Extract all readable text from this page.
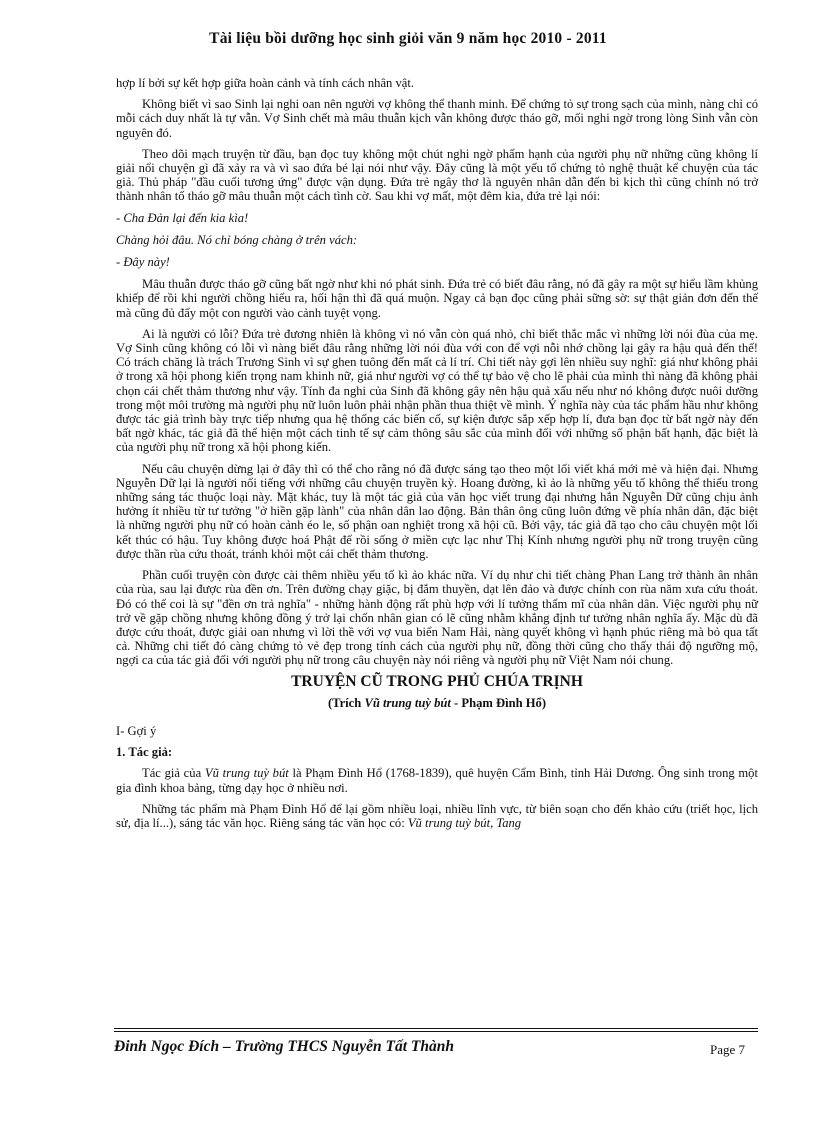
Tài liệu bồi dưỡng học sinh giỏi văn 9 năm học 2010 - 2011

hợp lí bởi sự kết hợp giữa hoàn cảnh và tính cách nhân vật.

Không biết vì sao Sinh lại nghi oan nên người vợ không thể thanh minh. Để chứng tỏ sự trong sạch của mình, nàng chỉ có mỗi cách duy nhất là tự vẫn. Vợ Sinh chết mà mâu thuẫn kịch vẫn không được tháo gỡ, mối nghi ngờ trong lòng Sinh vẫn còn nguyên đó.

Theo dõi mạch truyện từ đầu, bạn đọc tuy không một chút nghi ngờ phẩm hạnh của người phụ nữ những cũng không lí giải nổi chuyện gì đã xảy ra và vì sao đứa bé lại nói như vậy. Đây cũng là một yếu tố chứng tỏ nghệ thuật kể chuyện của tác giả. Thủ pháp "đầu cuối tương ứng" được vận dụng. Đứa trẻ ngây thơ là nguyên nhân dẫn đến bi kịch thì cũng chính nó trở thành nhân tố tháo gỡ mâu thuẫn một cách tình cờ. Sau khi vợ mất, một đêm kia, đứa trẻ lại nói:

- Cha Đản lại đến kia kìa!

Chàng hỏi đâu. Nó chỉ bóng chàng ở trên vách:

- Đây này!

Mâu thuẫn được tháo gỡ cũng bất ngờ như khi nó phát sinh. Đứa trẻ có biết đâu rằng, nó đã gây ra một sự hiểu lầm khủng khiếp để rồi khi người chồng hiểu ra, hối hận thì đã quá muộn. Ngay cả bạn đọc cũng phải sững sờ: sự thật giản đơn đến thế mà cũng đủ đẩy một con người vào cảnh tuyệt vọng.

Ai là người có lỗi? Đứa trẻ đương nhiên là không vì nó vẫn còn quá nhỏ, chỉ biết thắc mắc vì những lời nói đùa của mẹ. Vợ Sinh cũng không có lỗi vì nàng biết đâu rằng những lời nói đùa với con để vợi nỗi nhớ chồng lại gây ra hậu quả đến thế! Có trách chăng là trách Trương Sinh vì sự ghen tuông đến mất cả lí trí. Chi tiết này gợi lên nhiều suy nghĩ: giá như không phải ở trong xã hội phong kiến trọng nam khinh nữ, giá như người vợ có thể tự bảo vệ cho lẽ phải của mình thì nàng đã không phải chọn cái chết thảm thương như vậy. Tính đa nghi của Sinh đã không gây nên hậu quả xấu nếu như nó không được nuôi dưỡng trong một môi trường mà người phụ nữ luôn luôn phải nhận phần thua thiệt về mình. Ý nghĩa này của tác phẩm hầu như không được tác giả trình bày trực tiếp nhưng qua hệ thống các biến cố, sự kiện được sắp xếp hợp lí, đưa bạn đọc từ bất ngờ này đến bất ngờ khác, tác giả đã thể hiện một cách tinh tế sự cảm thông sâu sắc của mình đối với những số phận bất hạnh, đặc biệt là của người phụ nữ trong xã hội phong kiến.

Nếu câu chuyện dừng lại ở đây thì có thể cho rằng nó đã được sáng tạo theo một lối viết khá mới mẻ và hiện đại. Nhưng Nguyễn Dữ lại là người nổi tiếng với những câu chuyện truyền kỳ. Hoang đường, kì ảo là những yếu tố không thể thiếu trong những sáng tác thuộc loại này. Mặt khác, tuy là một tác giả của văn học viết trung đại nhưng hẳn Nguyễn Dữ cũng chịu ảnh hưởng ít nhiều từ tư tưởng "ở hiền gặp lành" của nhân dân lao động. Bản thân ông cũng luôn đứng về phía nhân dân, đặc biệt là những người phụ nữ có hoàn cảnh éo le, số phận oan nghiệt trong xã hội cũ. Bởi vậy, tác giả đã tạo cho câu chuyện một lối kết thúc có hậu. Tuy không được hoá Phật để rồi sống ở miền cực lạc như Thị Kính nhưng người phụ nữ trong truyện cũng được thần rùa cứu thoát, tránh khỏi một cái chết thảm thương.

Phần cuối truyện còn được cài thêm nhiều yếu tố kì ảo khác nữa. Ví dụ như chi tiết chàng Phan Lang trở thành ân nhân của rùa, sau lại được rùa đền ơn. Trên đường chạy giặc, bị đắm thuyền, dạt lên đảo và được chính con rùa năm xưa cứu thoát. Đó có thể coi là sự "đền ơn trả nghĩa" - những hành động rất phù hợp với lí tưởng thẩm mĩ của nhân dân. Việc người phụ nữ trở về gặp chồng nhưng không đồng ý trở lại chốn nhân gian có lẽ cũng nhằm khẳng định tư tưởng nhân nghĩa ấy. Mặc dù đã được cứu thoát, được giải oan nhưng vì lời thề với vợ vua biển Nam Hải, nàng quyết không vì hạnh phúc riêng mà bỏ qua tất cả. Những chi tiết đó càng chứng tỏ vẻ đẹp trong tính cách của người phụ nữ, đồng thời cũng cho thấy thái độ ngưỡng mộ, ngợi ca của tác giả đối với người phụ nữ trong câu chuyện này nói riêng và người phụ nữ Việt Nam nói chung.

TRUYỆN CŨ TRONG PHỦ CHÚA TRỊNH

(Trích Vũ trung tuỳ bút - Phạm Đình Hổ)

I- Gợi ý

1. Tác giả:

Tác giả của Vũ trung tuỳ bút là Phạm Đình Hổ (1768-1839), quê huyện Cẩm Bình, tỉnh Hải Dương. Ông sinh trong một gia đình khoa bảng, từng dạy học ở nhiều nơi.

Những tác phẩm mà Phạm Đình Hổ để lại gồm nhiều loại, nhiều lĩnh vực, từ biên soạn cho đến khảo cứu (triết học, lịch sử, địa lí...), sáng tác văn học. Riêng sáng tác văn học có: Vũ trung tuỳ bút, Tang

Đinh Ngọc Đích – Trường THCS Nguyễn Tất Thành	Page 7
